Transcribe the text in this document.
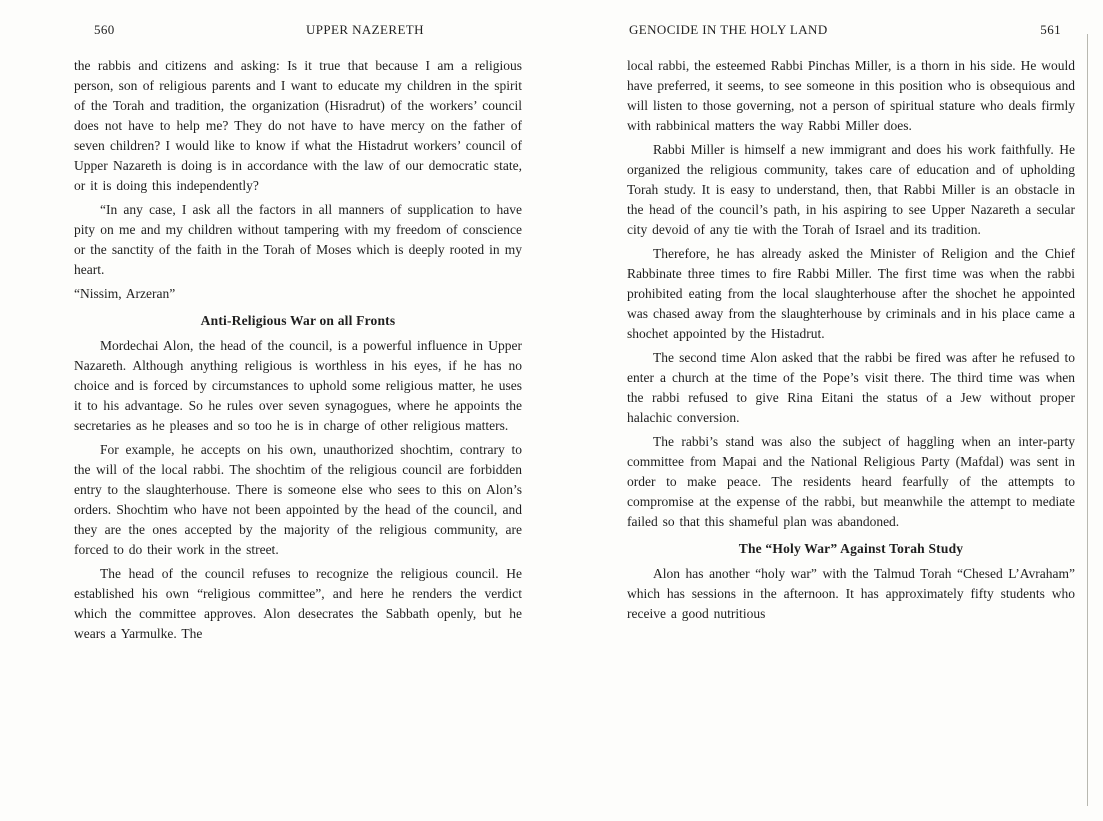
560	UPPER NAZERETH

the rabbis and citizens and asking: Is it true that because I am a religious person, son of religious parents and I want to educate my children in the spirit of the Torah and tradition, the organization (Hisradrut) of the workers’ council does not have to help me? They do not have to have mercy on the father of seven children? I would like to know if what the Histadrut workers’ council of Upper Nazareth is doing is in accordance with the law of our democratic state, or it is doing this independently?

“In any case, I ask all the factors in all manners of supplication to have pity on me and my children without tampering with my freedom of conscience or the sanctity of the faith in the Torah of Moses which is deeply rooted in my heart.

“Nissim, Arzeran”

Anti-Religious War on all Fronts

Mordechai Alon, the head of the council, is a powerful influence in Upper Nazareth. Although anything religious is worthless in his eyes, if he has no choice and is forced by circumstances to uphold some religious matter, he uses it to his advantage. So he rules over seven synagogues, where he appoints the secretaries as he pleases and so too he is in charge of other religious matters.

For example, he accepts on his own, unauthorized shochtim, contrary to the will of the local rabbi. The shochtim of the religious council are forbidden entry to the slaughterhouse. There is someone else who sees to this on Alon’s orders. Shochtim who have not been appointed by the head of the council, and they are the ones accepted by the majority of the religious community, are forced to do their work in the street.

The head of the council refuses to recognize the religious council. He established his own “religious committee”, and here he renders the verdict which the committee approves. Alon desecrates the Sabbath openly, but he wears a Yarmulke. The

GENOCIDE IN THE HOLY LAND	561

local rabbi, the esteemed Rabbi Pinchas Miller, is a thorn in his side. He would have preferred, it seems, to see someone in this position who is obsequious and will listen to those governing, not a person of spiritual stature who deals firmly with rabbinical matters the way Rabbi Miller does.

Rabbi Miller is himself a new immigrant and does his work faithfully. He organized the religious community, takes care of education and of upholding Torah study. It is easy to understand, then, that Rabbi Miller is an obstacle in the head of the council’s path, in his aspiring to see Upper Nazareth a secular city devoid of any tie with the Torah of Israel and its tradition.

Therefore, he has already asked the Minister of Religion and the Chief Rabbinate three times to fire Rabbi Miller. The first time was when the rabbi prohibited eating from the local slaughterhouse after the shochet he appointed was chased away from the slaughterhouse by criminals and in his place came a shochet appointed by the Histadrut.

The second time Alon asked that the rabbi be fired was after he refused to enter a church at the time of the Pope’s visit there. The third time was when the rabbi refused to give Rina Eitani the status of a Jew without proper halachic conversion.

The rabbi’s stand was also the subject of haggling when an inter-party committee from Mapai and the National Religious Party (Mafdal) was sent in order to make peace. The residents heard fearfully of the attempts to compromise at the expense of the rabbi, but meanwhile the attempt to mediate failed so that this shameful plan was abandoned.

The “Holy War” Against Torah Study

Alon has another “holy war” with the Talmud Torah “Chesed L’Avraham” which has sessions in the afternoon. It has approximately fifty students who receive a good nutritious
